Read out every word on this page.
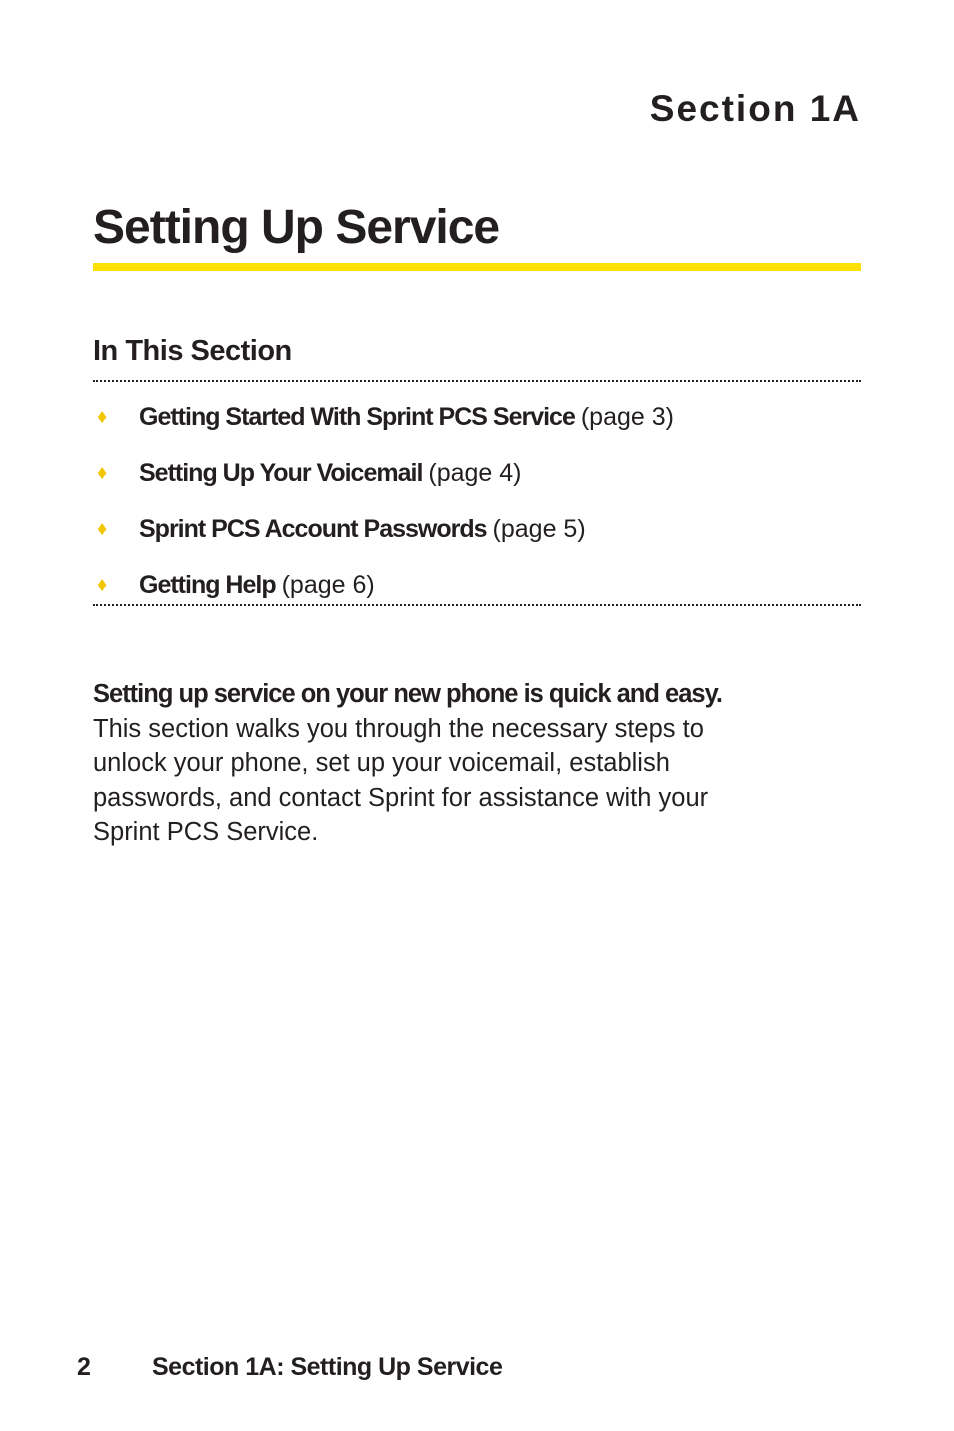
Section 1A
Setting Up Service
In This Section
♦	Getting Started With Sprint PCS Service (page 3)
♦	Setting Up Your Voicemail (page 4)
♦	Sprint PCS Account Passwords (page 5)
♦	Getting Help (page 6)

Setting up service on your new phone is quick and easy.
This section walks you through the necessary steps to unlock your phone, set up your voicemail, establish passwords, and contact Sprint for assistance with your Sprint PCS Service.

2 Section 1A: Setting Up Service
